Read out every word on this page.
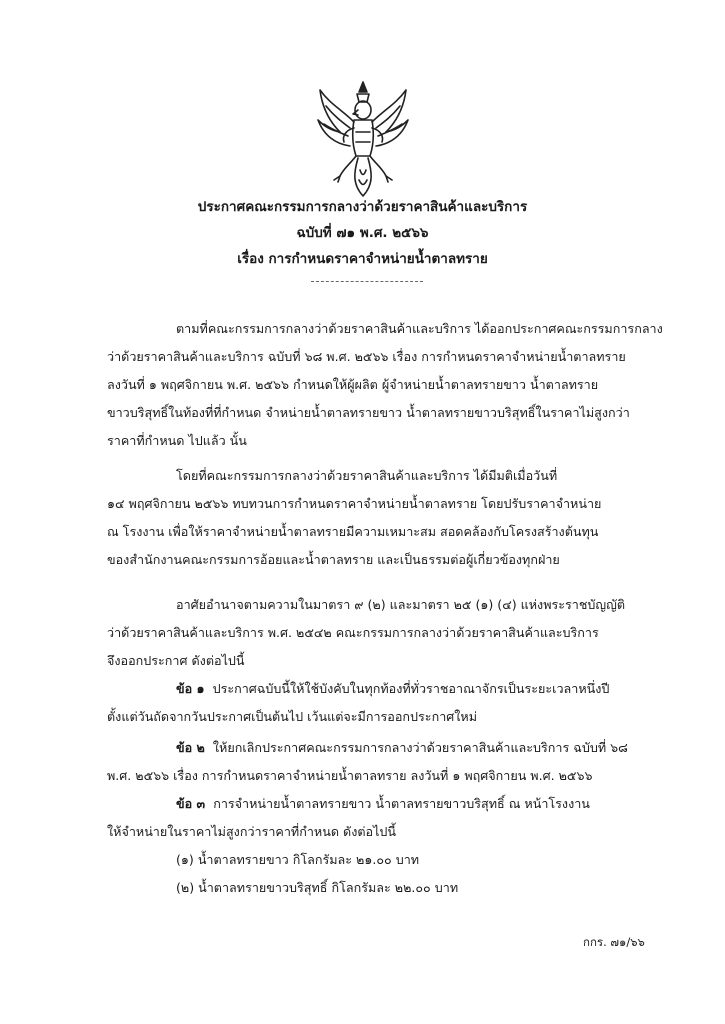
ประกาศคณะกรรมการกลางว่าด้วยราคาสินค้าและบริการ
ฉบับที่ ๗๑ พ.ศ. ๒๕๖๖
เรื่อง การกำหนดราคาจำหน่ายน้ำตาลทราย
ตามที่คณะกรรมการกลางว่าด้วยราคาสินค้าและบริการ ได้ออกประกาศคณะกรรมการกลาง
ว่าด้วยราคาสินค้าและบริการ ฉบับที่ ๖๘ พ.ศ. ๒๕๖๖ เรื่อง การกำหนดราคาจำหน่ายน้ำตาลทราย
ลงวันที่ ๑ พฤศจิกายน พ.ศ. ๒๕๖๖ กำหนดให้ผู้ผลิต ผู้จำหน่ายน้ำตาลทรายขาว น้ำตาลทราย
ขาวบริสุทธิ์ในท้องที่ที่กำหนด จำหน่ายน้ำตาลทรายขาว น้ำตาลทรายขาวบริสุทธิ์ในราคาไม่สูงกว่า
ราคาที่กำหนด ไปแล้ว นั้น
โดยที่คณะกรรมการกลางว่าด้วยราคาสินค้าและบริการ ได้มีมติเมื่อวันที่
๑๔ พฤศจิกายน ๒๕๖๖ ทบทวนการกำหนดราคาจำหน่ายน้ำตาลทราย โดยปรับราคาจำหน่าย
ณ โรงงาน เพื่อให้ราคาจำหน่ายน้ำตาลทรายมีความเหมาะสม สอดคล้องกับโครงสร้างต้นทุน
ของสำนักงานคณะกรรมการอ้อยและน้ำตาลทราย และเป็นธรรมต่อผู้เกี่ยวข้องทุกฝ่าย
อาศัยอำนาจตามความในมาตรา ๙ (๒) และมาตรา ๒๕ (๑) (๔) แห่งพระราชบัญญัติ
ว่าด้วยราคาสินค้าและบริการ พ.ศ. ๒๕๔๒ คณะกรรมการกลางว่าด้วยราคาสินค้าและบริการ
จึงออกประกาศ ดังต่อไปนี้
ข้อ ๑ ประกาศฉบับนี้ให้ใช้บังคับในทุกท้องที่ทั่วราชอาณาจักรเป็นระยะเวลาหนึ่งปี
ตั้งแต่วันถัดจากวันประกาศเป็นต้นไป เว้นแต่จะมีการออกประกาศใหม่
ข้อ ๒ ให้ยกเลิกประกาศคณะกรรมการกลางว่าด้วยราคาสินค้าและบริการ ฉบับที่ ๖๘
พ.ศ. ๒๕๖๖ เรื่อง การกำหนดราคาจำหน่ายน้ำตาลทราย ลงวันที่ ๑ พฤศจิกายน พ.ศ. ๒๕๖๖
ข้อ ๓ การจำหน่ายน้ำตาลทรายขาว น้ำตาลทรายขาวบริสุทธิ์ ณ หน้าโรงงาน
ให้จำหน่ายในราคาไม่สูงกว่าราคาที่กำหนด ดังต่อไปนี้
(๑) น้ำตาลทรายขาว กิโลกรัมละ ๒๑.๐๐ บาท
(๒) น้ำตาลทรายขาวบริสุทธิ์ กิโลกรัมละ ๒๒.๐๐ บาท
กกร. ๗๑/๖๖
